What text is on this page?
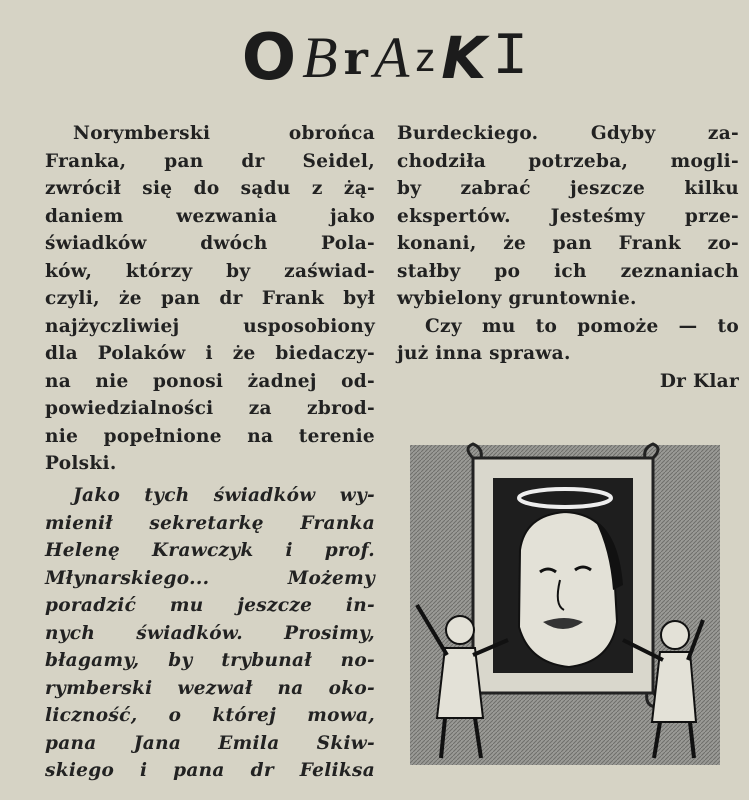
O B r A z K I
Norymberski obrońca
Franka, pan dr Seidel,
zwrócił się do sądu z żą-
daniem wezwania jako
świadków dwóch Pola-
ków, którzy by zaświad-
czyli, że pan dr Frank był
najżyczliwiej usposobiony
dla Polaków i że biedaczy-
na nie ponosi żadnej od-
powiedzialności za zbrod-
nie popełnione na terenie
Polski.
Jako tych świadków wy-
mienił sekretarkę Franka
Helenę Krawczyk i prof.
Młynarskiego... Możemy
poradzić mu jeszcze in-
nych świadków. Prosimy,
błagamy, by trybunał no-
rymberski wezwał na oko-
liczność, o której mowa,
pana Jana Emila Skiw-
skiego i pana dr Feliksa
Burdeckiego. Gdyby za-
chodziła potrzeba, mogli-
by zabrać jeszcze kilku
ekspertów. Jesteśmy prze-
konani, że pan Frank zo-
stałby po ich zeznaniach
wybielony gruntownie.
Czy mu to pomoże — to
już inna sprawa.
Dr Klar
